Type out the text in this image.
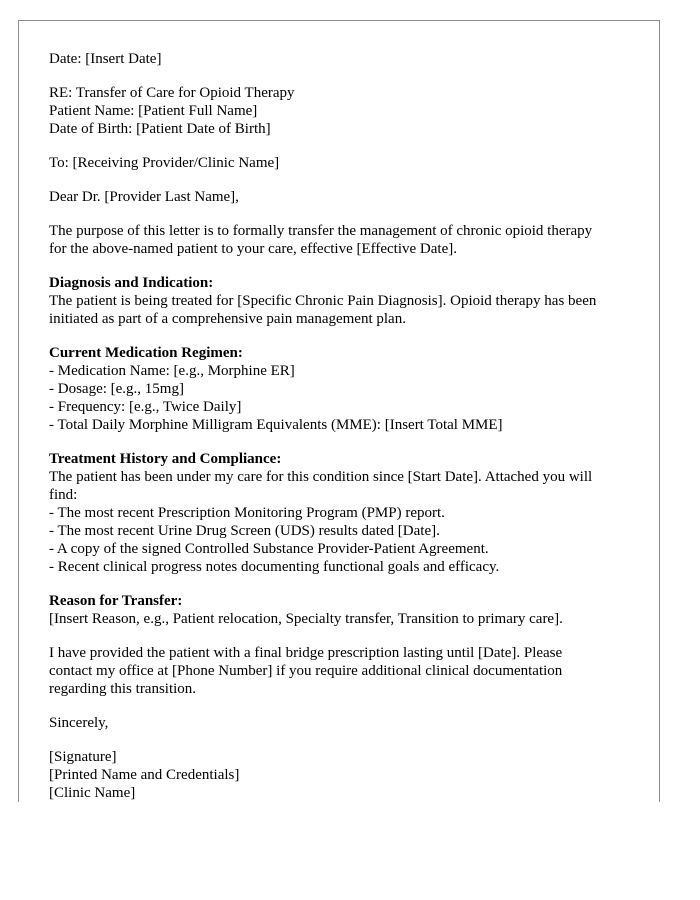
Date: [Insert Date]
RE: Transfer of Care for Opioid Therapy
Patient Name: [Patient Full Name]
Date of Birth: [Patient Date of Birth]
To: [Receiving Provider/Clinic Name]
Dear Dr. [Provider Last Name],
The purpose of this letter is to formally transfer the management of chronic opioid therapy
for the above-named patient to your care, effective [Effective Date].
Diagnosis and Indication:
The patient is being treated for [Specific Chronic Pain Diagnosis]. Opioid therapy has been
initiated as part of a comprehensive pain management plan.
Current Medication Regimen:
- Medication Name: [e.g., Morphine ER]
- Dosage: [e.g., 15mg]
- Frequency: [e.g., Twice Daily]
- Total Daily Morphine Milligram Equivalents (MME): [Insert Total MME]
Treatment History and Compliance:
The patient has been under my care for this condition since [Start Date]. Attached you will
find:
- The most recent Prescription Monitoring Program (PMP) report.
- The most recent Urine Drug Screen (UDS) results dated [Date].
- A copy of the signed Controlled Substance Provider-Patient Agreement.
- Recent clinical progress notes documenting functional goals and efficacy.
Reason for Transfer:
[Insert Reason, e.g., Patient relocation, Specialty transfer, Transition to primary care].
I have provided the patient with a final bridge prescription lasting until [Date]. Please
contact my office at [Phone Number] if you require additional clinical documentation
regarding this transition.
Sincerely,
[Signature]
[Printed Name and Credentials]
[Clinic Name]
